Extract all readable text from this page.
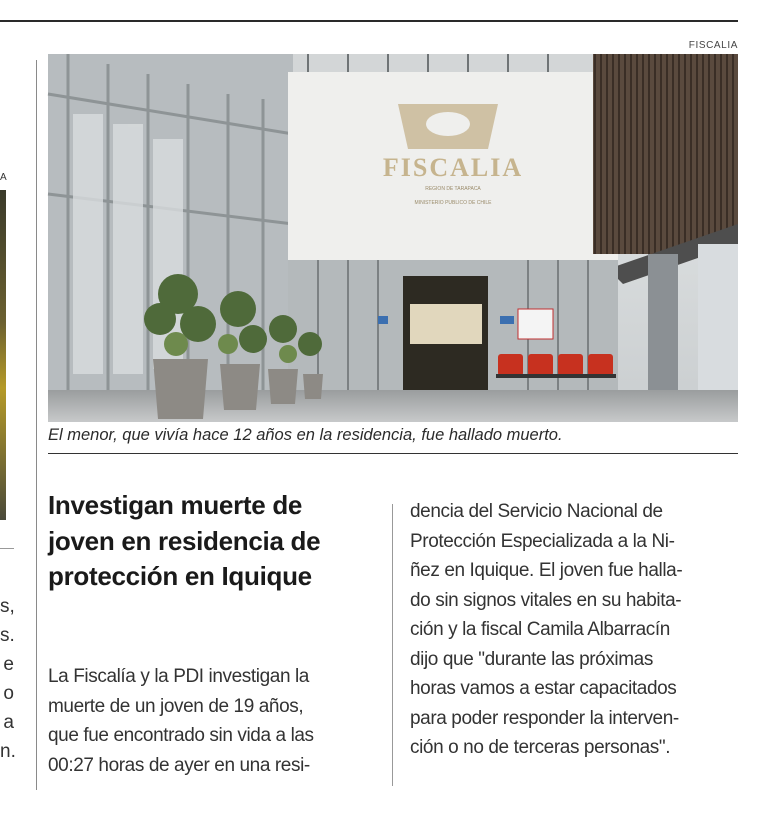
A
s,
s.
e
o
a
n.
FISCALIA
FISCALIA
REGION DE TARAPACA
MINISTERIO PUBLICO DE CHILE
El menor, que vivía hace 12 años en la residencia, fue hallado muerto.
Investigan muerte de
joven en residencia de
protección en Iquique
La Fiscalía y la PDI investigan la
muerte de un joven de 19 años,
que fue encontrado sin vida a las
00:27 horas de ayer en una resi-
dencia del Servicio Nacional de
Protección Especializada a la Ni-
ñez en Iquique. El joven fue halla-
do sin signos vitales en su habita-
ción y la fiscal Camila Albarracín
dijo que "durante las próximas
horas vamos a estar capacitados
para poder responder la interven-
ción o no de terceras personas".
